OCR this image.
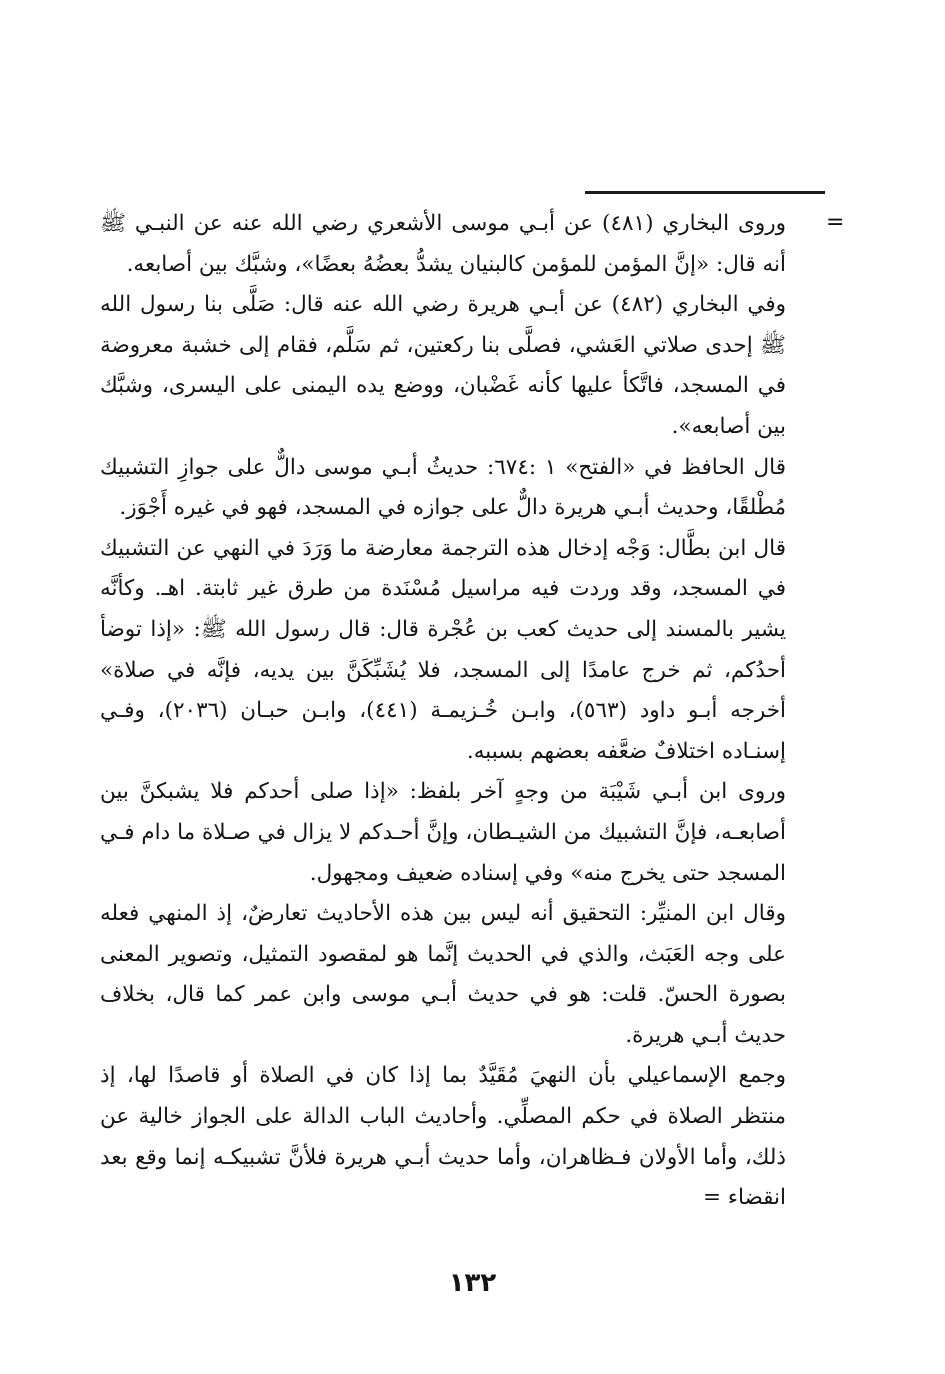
=

وروى البخاري (٤٨١) عن أبـي موسى الأشعري رضي الله عنه عن النبـي ﷺ أنه قال: «إنَّ المؤمن للمؤمن كالبنيان يشدُّ بعضُهُ بعضًا»، وشبَّك بين أصابعه.

وفي البخاري (٤٨٢) عن أبـي هريرة رضي الله عنه قال: صَلَّى بنا رسول الله ﷺ إحدى صلاتي العَشي، فصلَّى بنا ركعتين، ثم سَلَّم، فقام إلى خشبة معروضة في المسجد، فاتَّكأ عليها كأنه غَضْبان، ووضع يده اليمنى على اليسرى، وشبَّك بين أصابعه».

قال الحافظ في «الفتح» ١ :٦٧٤: حديثُ أبـي موسى دالٌّ على جوازِ التشبيك مُطْلقًا، وحديث أبـي هريرة دالٌّ على جوازه في المسجد، فهو في غيره أَجْوَز.

قال ابن بطَّال: وَجْه إدخال هذه الترجمة معارضة ما وَرَدَ في النهي عن التشبيك في المسجد، وقد وردت فيه مراسيل مُسْنَدة من طرق غير ثابتة. اهـ. وكأنَّه يشير بالمسند إلى حديث كعب بن عُجْرة قال: قال رسول الله ﷺ: «إذا توضأ أحدُكم، ثم خرج عامدًا إلى المسجد، فلا يُشَبِّكَنَّ بين يديه، فإنَّه في صلاة» أخرجه أبـو داود (٥٦٣)، وابـن خُـزيمـة (٤٤١)، وابـن حبـان (٢٠٣٦)، وفـي إسنـاده اختلافٌ ضعَّفه بعضهم بسببه.

وروى ابن أبـي شَيْبَة من وجهٍ آخر بلفظ: «إذا صلى أحدكم فلا يشبكنَّ بين أصابعـه، فإنَّ التشبيك من الشيـطان، وإنَّ أحـدكم لا يزال في صـلاة ما دام فـي المسجد حتى يخرج منه» وفي إسناده ضعيف ومجهول.

وقال ابن المنيِّر: التحقيق أنه ليس بين هذه الأحاديث تعارضٌ، إذ المنهي فعله على وجه العَبَث، والذي في الحديث إنَّما هو لمقصود التمثيل، وتصوير المعنى بصورة الحسّ. قلت: هو في حديث أبـي موسى وابن عمر كما قال، بخلاف حديث أبـي هريرة.

وجمع الإسماعيلي بأن النهيَ مُقَيَّدٌ بما إذا كان في الصلاة أو قاصدًا لها، إذ منتظر الصلاة في حكم المصلِّي. وأحاديث الباب الدالة على الجواز خالية عن ذلك، وأما الأولان فـظاهران، وأما حديث أبـي هريرة فلأنَّ تشبيكـه إنما وقع بعد انقضاء =

١٣٢
